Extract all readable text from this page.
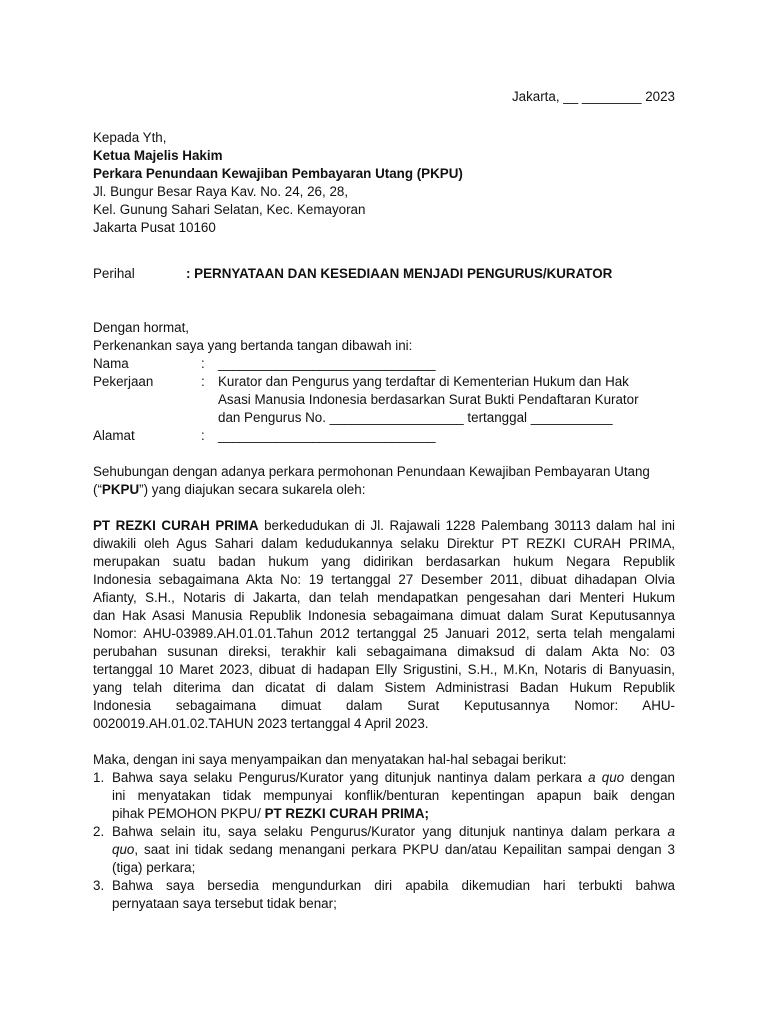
Jakarta, __ ________ 2023
Kepada Yth,
Ketua Majelis Hakim
Perkara Penundaan Kewajiban Pembayaran Utang (PKPU)
Jl. Bungur Besar Raya Kav. No. 24, 26, 28,
Kel. Gunung Sahari Selatan, Kec. Kemayoran
Jakarta Pusat 10160
Perihal	: PERNYATAAN DAN KESEDIAAN MENJADI PENGURUS/KURATOR
Dengan hormat,
Perkenankan saya yang bertanda tangan dibawah ini:
Nama	: ______________________________
Pekerjaan	: Kurator dan Pengurus yang terdaftar di Kementerian Hukum dan Hak
Asasi Manusia Indonesia berdasarkan Surat Bukti Pendaftaran Kurator
dan Pengurus No. __________________ tertanggal ___________
Alamat	: ______________________________
Sehubungan dengan adanya perkara permohonan Penundaan Kewajiban Pembayaran Utang
(“PKPU”) yang diajukan secara sukarela oleh:
PT REZKI CURAH PRIMA berkedudukan di Jl. Rajawali 1228 Palembang 30113 dalam hal ini
diwakili oleh Agus Sahari dalam kedudukannya selaku Direktur PT REZKI CURAH PRIMA,
merupakan suatu badan hukum yang didirikan berdasarkan hukum Negara Republik
Indonesia sebagaimana Akta No: 19 tertanggal 27 Desember 2011, dibuat dihadapan Olvia
Afianty, S.H., Notaris di Jakarta, dan telah mendapatkan pengesahan dari Menteri Hukum
dan Hak Asasi Manusia Republik Indonesia sebagaimana dimuat dalam Surat Keputusannya
Nomor: AHU-03989.AH.01.01.Tahun 2012 tertanggal 25 Januari 2012, serta telah mengalami
perubahan susunan direksi, terakhir kali sebagaimana dimaksud di dalam Akta No: 03
tertanggal 10 Maret 2023, dibuat di hadapan Elly Srigustini, S.H., M.Kn, Notaris di Banyuasin,
yang telah diterima dan dicatat di dalam Sistem Administrasi Badan Hukum Republik
Indonesia sebagaimana dimuat dalam Surat Keputusannya Nomor: AHU-
0020019.AH.01.02.TAHUN 2023 tertanggal 4 April 2023.
Maka, dengan ini saya menyampaikan dan menyatakan hal-hal sebagai berikut:
1. Bahwa saya selaku Pengurus/Kurator yang ditunjuk nantinya dalam perkara a quo dengan
ini menyatakan tidak mempunyai konflik/benturan kepentingan apapun baik dengan
pihak PEMOHON PKPU/ PT REZKI CURAH PRIMA;
2. Bahwa selain itu, saya selaku Pengurus/Kurator yang ditunjuk nantinya dalam perkara a
quo, saat ini tidak sedang menangani perkara PKPU dan/atau Kepailitan sampai dengan 3
(tiga) perkara;
3. Bahwa saya bersedia mengundurkan diri apabila dikemudian hari terbukti bahwa
pernyataan saya tersebut tidak benar;
